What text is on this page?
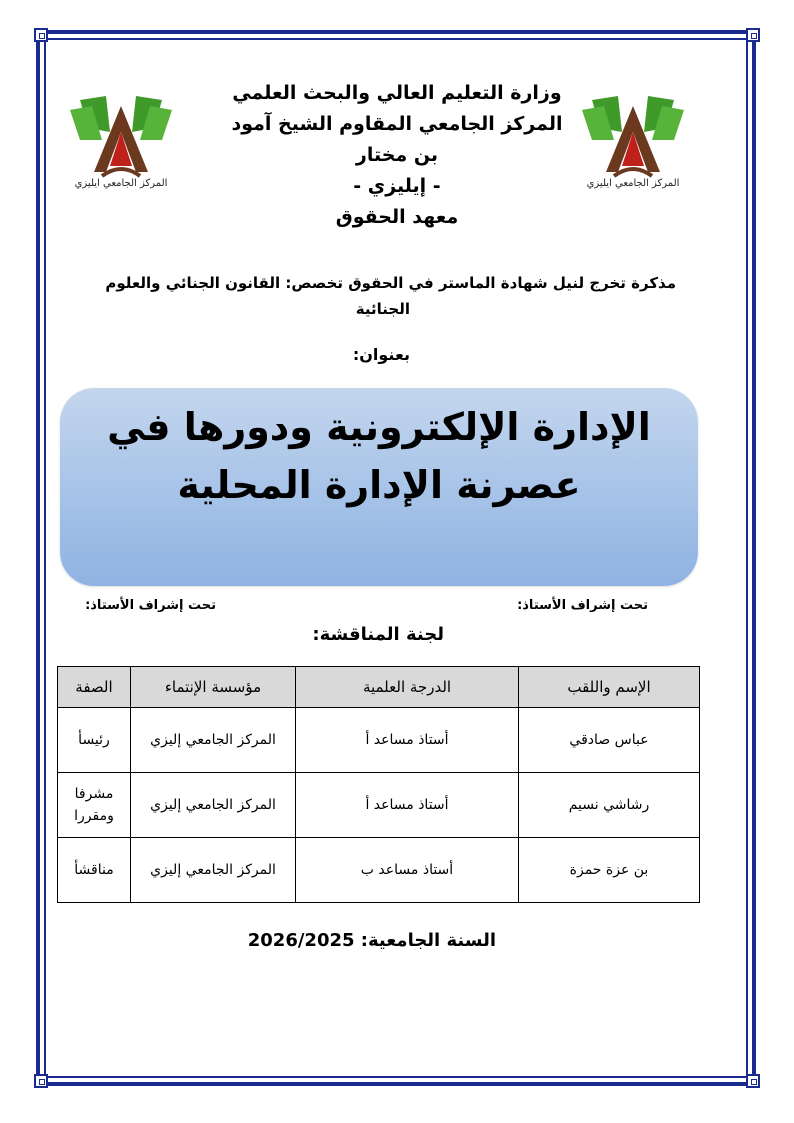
المركز الجامعي ايليزي	المركز الجامعي ايليزي
وزارة التعليم العالي والبحث العلمي
المركز الجامعي المقاوم الشيخ آمود
بن مختار
- إيليزي -
معهد الحقوق
مذكرة تخرج لنيل شهادة الماستر في الحقوق تخصص: القانون الجنائي والعلوم
الجنائية
بعنوان:
الإدارة الإلكترونية ودورها في عصرنة الإدارة المحلية
تحت إشراف الأستاذ:
تحت إشراف الأستاذ:
لجنة المناقشة:
الإسم واللقب	الدرجة العلمية	مؤسسة الإنتماء	الصفة
عباس صادقي	أستاذ مساعد أ	المركز الجامعي إليزي	رئيسأ
رشاشي نسيم	أستاذ مساعد أ	المركز الجامعي إليزي	مشرفا ومقررا
بن عزة حمزة	أستاذ مساعد ب	المركز الجامعي إليزي	مناقشأ
السنة الجامعية: 2026/2025
